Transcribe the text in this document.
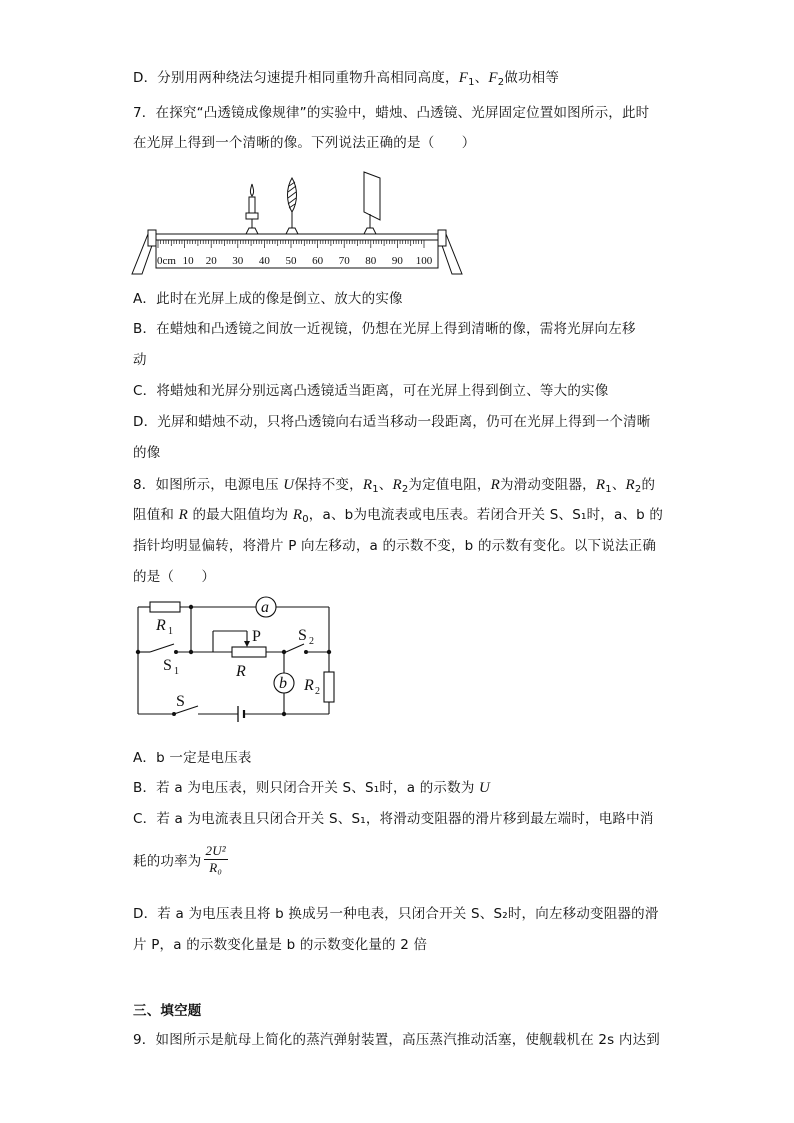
D．分别用两种绕法匀速提升相同重物升高相同高度，$F_1$、$F_2$做功相等
7．在探究“凸透镜成像规律”的实验中，蜡烛、凸透镜、光屏固定位置如图所示，此时
在光屏上得到一个清晰的像。下列说法正确的是（　　）
0cm 10 20 30 40 50 60 70 80 90 100
A．此时在光屏上成的像是倒立、放大的实像
B．在蜡烛和凸透镜之间放一近视镜，仍想在光屏上得到清晰的像，需将光屏向左移
动
C．将蜡烛和光屏分别远离凸透镜适当距离，可在光屏上得到倒立、等大的实像
D．光屏和蜡烛不动，只将凸透镜向右适当移动一段距离，仍可在光屏上得到一个清晰
的像
8．如图所示，电源电压 U保持不变，$R_1$、$R_2$为定值电阻，R为滑动变阻器，$R_1$、$R_2$的
阻值和 R 的最大阻值均为 $R_0$，a、b为电流表或电压表。若闭合开关 S、S₁时，a、b 的
指针均明显偏转，将滑片 P 向左移动，a 的示数不变，b 的示数有变化。以下说法正确
的是（　　）
R 1
S 1
P
R
S 2
a
b R 2
S
A．b 一定是电压表
B．若 a 为电压表，则只闭合开关 S、S₁时，a 的示数为 U
C．若 a 为电流表且只闭合开关 S、S₁，将滑动变阻器的滑片移到最左端时，电路中消
耗的功率为 $\frac{\text{2U²}}{\text{R₀}}$
D．若 a 为电压表且将 b 换成另一种电表，只闭合开关 S、S₂时，向左移动变阻器的滑
片 P，a 的示数变化量是 b 的示数变化量的 2 倍
三、填空题
9．如图所示是航母上简化的蒸汽弹射装置，高压蒸汽推动活塞，使舰载机在 2s 内达到
